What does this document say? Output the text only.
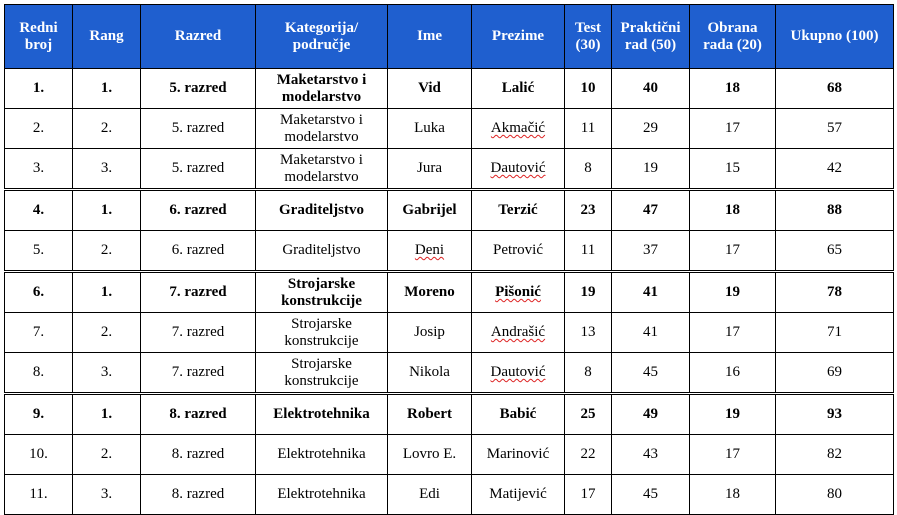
Redni broj	Rang	Razred	Kategorija/ područje	Ime	Prezime	Test (30)	Praktični rad (50)	Obrana rada (20)	Ukupno (100)
1.	1.	5. razred	Maketarstvo i modelarstvo	Vid	Lalić	10	40	18	68
2.	2.	5. razred	Maketarstvo i modelarstvo	Luka	Akmačić	11	29	17	57
3.	3.	5. razred	Maketarstvo i modelarstvo	Jura	Dautović	8	19	15	42
4.	1.	6. razred	Graditeljstvo	Gabrijel	Terzić	23	47	18	88
5.	2.	6. razred	Graditeljstvo	Deni	Petrović	11	37	17	65
6.	1.	7. razred	Strojarske konstrukcije	Moreno	Pišonić	19	41	19	78
7.	2.	7. razred	Strojarske konstrukcije	Josip	Andrašić	13	41	17	71
8.	3.	7. razred	Strojarske konstrukcije	Nikola	Dautović	8	45	16	69
9.	1.	8. razred	Elektrotehnika	Robert	Babić	25	49	19	93
10.	2.	8. razred	Elektrotehnika	Lovro E.	Marinović	22	43	17	82
11.	3.	8. razred	Elektrotehnika	Edi	Matijević	17	45	18	80
